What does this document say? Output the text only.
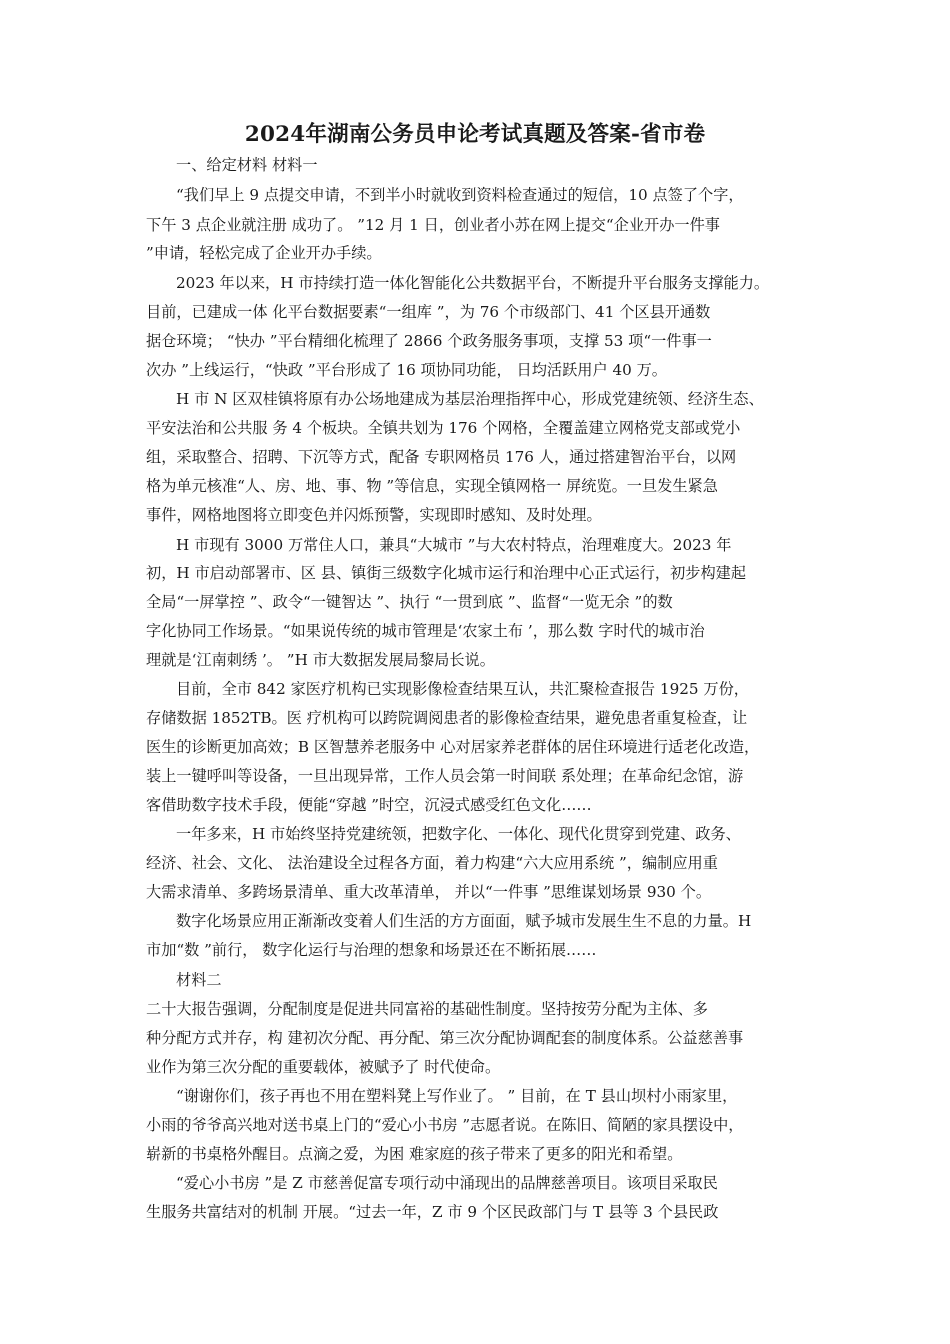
2024年湖南公务员申论考试真题及答案-省市卷
一、给定材料 材料一
“我们早上 9 点提交申请，不到半小时就收到资料检查通过的短信，10 点签了个字，
下午 3 点企业就注册 成功了。 ”12 月 1 日，创业者小苏在网上提交“企业开办一件事
”申请，轻松完成了企业开办手续。
2023 年以来，H 市持续打造一体化智能化公共数据平台，不断提升平台服务支撑能力。
目前，已建成一体 化平台数据要素“一组库 ”，为 76 个市级部门、41 个区县开通数
据仓环境； “快办 ”平台精细化梳理了 2866 个政务服务事项，支撑 53 项“一件事一
次办 ”上线运行，“快政 ”平台形成了 16 项协同功能， 日均活跃用户 40 万。
H 市 N 区双桂镇将原有办公场地建成为基层治理指挥中心，形成党建统领、经济生态、
平安法治和公共服 务 4 个板块。全镇共划为 176 个网格，全覆盖建立网格党支部或党小
组，采取整合、招聘、下沉等方式，配备 专职网格员 176 人，通过搭建智治平台，以网
格为单元核准“人、房、地、事、物 ”等信息，实现全镇网格一 屏统览。一旦发生紧急
事件，网格地图将立即变色并闪烁预警，实现即时感知、及时处理。
H 市现有 3000 万常住人口，兼具“大城市 ”与大农村特点，治理难度大。2023 年
初，H 市启动部署市、区 县、镇街三级数字化城市运行和治理中心正式运行，初步构建起
全局“一屏掌控 ”、政令“一键智达 ”、执行 “一贯到底 ”、监督“一览无余 ”的数
字化协同工作场景。“如果说传统的城市管理是‘农家土布 ’，那么数 字时代的城市治
理就是‘江南刺绣 ’。 ”H 市大数据发展局黎局长说。
目前，全市 842 家医疗机构已实现影像检查结果互认，共汇聚检查报告 1925 万份，
存储数据 1852TB。医 疗机构可以跨院调阅患者的影像检查结果，避免患者重复检查，让
医生的诊断更加高效；B 区智慧养老服务中 心对居家养老群体的居住环境进行适老化改造，
装上一键呼叫等设备，一旦出现异常，工作人员会第一时间联 系处理；在革命纪念馆，游
客借助数字技术手段，便能“穿越 ”时空，沉浸式感受红色文化……
一年多来，H 市始终坚持党建统领，把数字化、一体化、现代化贯穿到党建、政务、
经济、社会、文化、 法治建设全过程各方面，着力构建“六大应用系统 ”，编制应用重
大需求清单、多跨场景清单、重大改革清单， 并以“一件事 ”思维谋划场景 930 个。
数字化场景应用正渐渐改变着人们生活的方方面面，赋予城市发展生生不息的力量。H
市加“数 ”前行， 数字化运行与治理的想象和场景还在不断拓展……
材料二
二十大报告强调，分配制度是促进共同富裕的基础性制度。坚持按劳分配为主体、多
种分配方式并存，构 建初次分配、再分配、第三次分配协调配套的制度体系。公益慈善事
业作为第三次分配的重要载体，被赋予了 时代使命。
“谢谢你们，孩子再也不用在塑料凳上写作业了。 ” 目前，在 T 县山坝村小雨家里，
小雨的爷爷高兴地对送书桌上门的“爱心小书房 ”志愿者说。在陈旧、简陋的家具摆设中，
崭新的书桌格外醒目。点滴之爱，为困 难家庭的孩子带来了更多的阳光和希望。
“爱心小书房 ”是 Z 市慈善促富专项行动中涌现出的品牌慈善项目。该项目采取民
生服务共富结对的机制 开展。“过去一年，Z 市 9 个区民政部门与 T 县等 3 个县民政
